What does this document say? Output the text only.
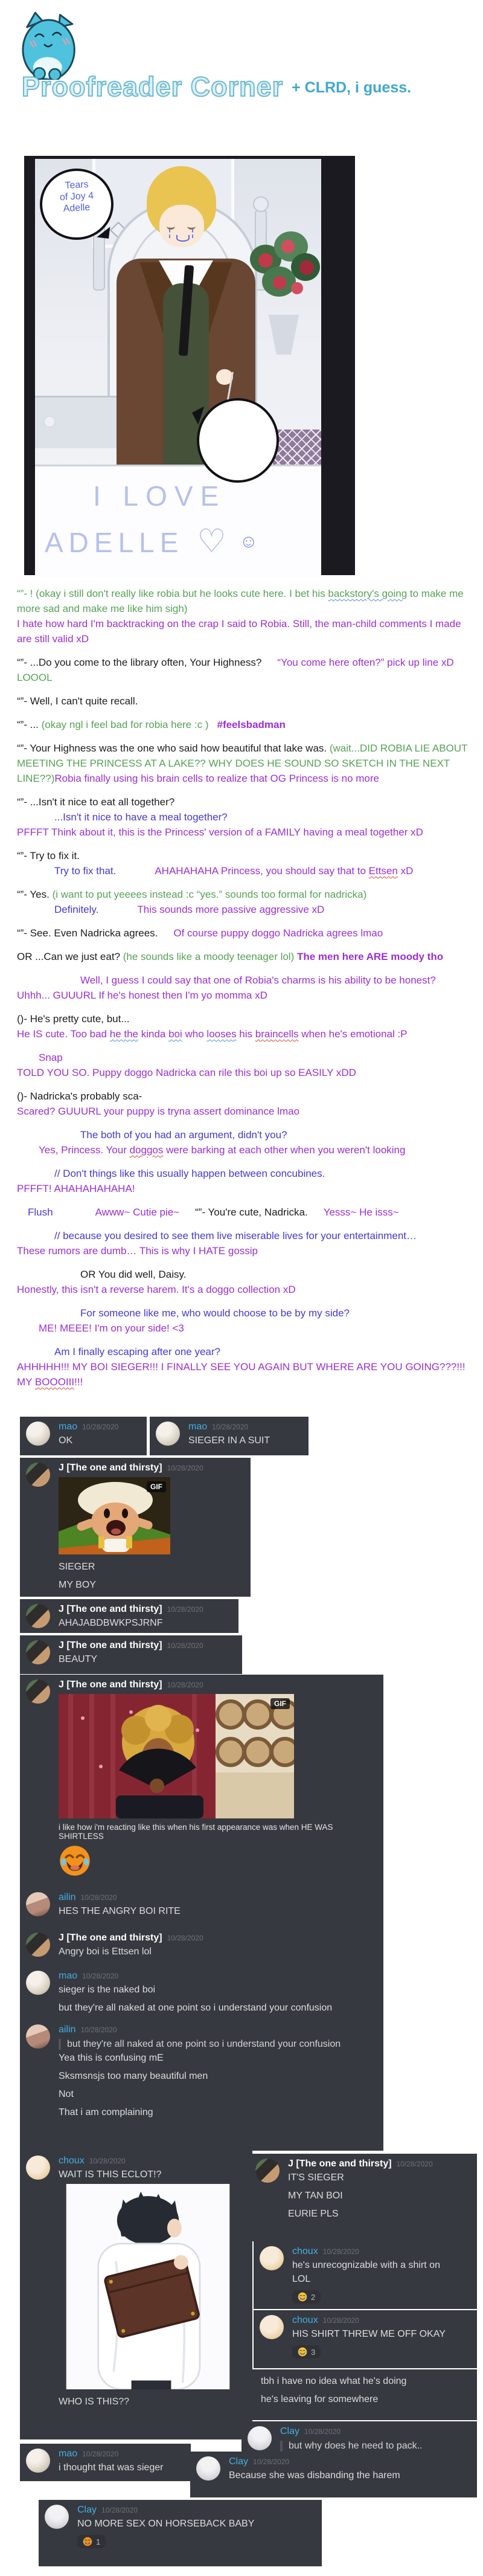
Proofreader Corner + CLRD, i guess.
I LOVE
ADELLE ♡ ☺
Tears
of Joy 4
Adelle
“”- ! (okay i still don't really like robia but he looks cute here. I bet his backstory's going to make me more sad and make me like him sigh)
I hate how hard I'm backtracking on the crap I said to Robia. Still, the man-child comments I made are still valid xD
“”- ...Do you come to the library often, Your Highness? “You come here often?” pick up line xD
LOOOL
“”- Well, I can't quite recall.
“”- ... (okay ngl i feel bad for robia here :c ) #feelsbadman
“”- Your Highness was the one who said how beautiful that lake was. (wait...DID ROBIA LIE ABOUT MEETING THE PRINCESS AT A LAKE?? WHY DOES HE SOUND SO SKETCH IN THE NEXT LINE??)Robia finally using his brain cells to realize that OG Princess is no more
“”- ...Isn't it nice to eat all together?
...Isn't it nice to have a meal together?
PFFFT Think about it, this is the Princess' version of a FAMILY having a meal together xD
“”- Try to fix it.
Try to fix that.	AHAHAHAHA Princess, you should say that to Ettsen xD
“”- Yes. (i want to put yeeees instead :c “yes.” sounds too formal for nadricka)
Definitely.	This sounds more passive aggressive xD
“”- See. Even Nadricka agrees. Of course puppy doggo Nadricka agrees lmao
OR ...Can we just eat? (he sounds like a moody teenager lol) The men here ARE moody tho
Well, I guess I could say that one of Robia's charms is his ability to be honest?
Uhhh... GUUURL If he's honest then I'm yo momma xD
()- He's pretty cute, but...
He IS cute. Too bad he the kinda boi who looses his braincells when he's emotional :P
Snap
TOLD YOU SO. Puppy doggo Nadricka can rile this boi up so EASILY xDD
()- Nadricka's probably sca-
Scared? GUUURL your puppy is tryna assert dominance lmao
The both of you had an argument, didn't you?
Yes, Princess. Your doggos were barking at each other when you weren't looking
// Don't things like this usually happen between concubines.
PFFFT! AHAHAHAHAHA!
Flush	Awww~ Cutie pie~ “”- You're cute, Nadricka. Yesss~ He isss~
// because you desired to see them live miserable lives for your entertainment…
These rumors are dumb… This is why I HATE gossip
OR You did well, Daisy.
Honestly, this isn't a reverse harem. It's a doggo collection xD
For someone like me, who would choose to be by my side?
ME! MEEE! I'm on your side! <3
Am I finally escaping after one year?
AHHHHH!!! MY BOI SIEGER!!! I FINALLY SEE YOU AGAIN BUT WHERE ARE YOU GOING???!!! MY BOOOIII!!!
mao 10/28/2020
OK
mao 10/28/2020
SIEGER IN A SUIT
J [The one and thirsty] 10/28/2020
GIF
SIEGER
MY BOY
J [The one and thirsty] 10/28/2020
AHAJABDBWKPSJRNF
J [The one and thirsty] 10/28/2020
BEAUTY
J [The one and thirsty] 10/28/2020
GIF
i like how i'm reacting like this when his first appearance was when HE WAS SHIRTLESS
ailin 10/28/2020
HES THE ANGRY BOI RITE
J [The one and thirsty] 10/28/2020
Angry boi is Ettsen lol
mao 10/28/2020
sieger is the naked boi
but they're all naked at one point so i understand your confusion
ailin 10/28/2020
but they're all naked at one point so i understand your confusion
Yea this is confusing mE
Sksmsnsjs too many beautiful men
Not
That i am complaining
choux 10/28/2020
WAIT IS THIS ECLOT!?
WHO IS THIS??
J [The one and thirsty] 10/28/2020
IT'S SIEGER
MY TAN BOI
EURIE PLS
choux 10/28/2020
he's unrecognizable with a shirt on
LOL
2
choux 10/28/2020
HIS SHIRT THREW ME OFF OKAY
3
tbh i have no idea what he's doing
he's leaving for somewhere
Clay 10/28/2020
but why does he need to pack..
mao 10/28/2020
i thought that was sieger
Clay 10/28/2020
Because she was disbanding the harem
Clay 10/28/2020
NO MORE SEX ON HORSEBACK BABY
1
